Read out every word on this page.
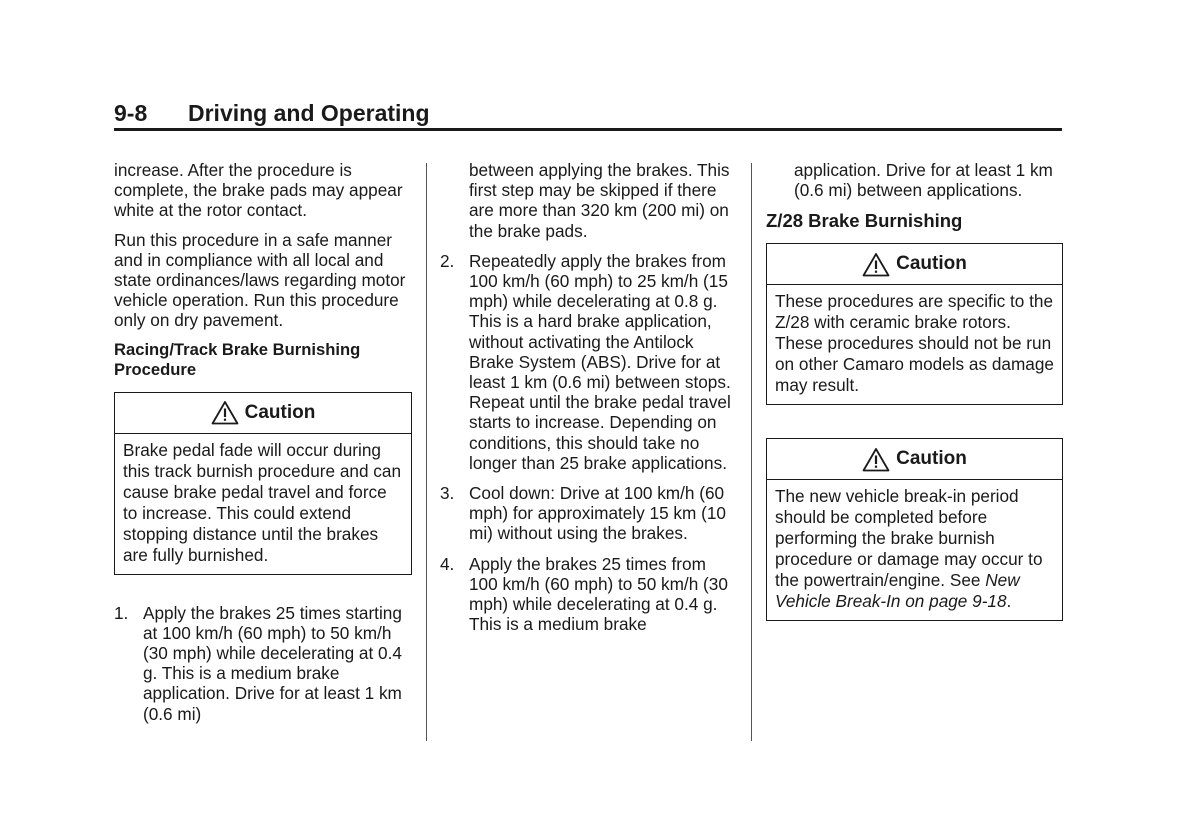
9-8 Driving and Operating

increase. After the procedure is complete, the brake pads may appear white at the rotor contact.

Run this procedure in a safe manner and in compliance with all local and state ordinances/laws regarding motor vehicle operation. Run this procedure only on dry pavement.

Racing/Track Brake Burnishing Procedure

Caution
Brake pedal fade will occur during this track burnish procedure and can cause brake pedal travel and force to increase. This could extend stopping distance until the brakes are fully burnished.
1. Apply the brakes 25 times starting at 100 km/h (60 mph) to 50 km/h (30 mph) while decelerating at 0.4 g. This is a medium brake application. Drive for at least 1 km (0.6 mi)

between applying the brakes. This first step may be skipped if there are more than 320 km (200 mi) on the brake pads.

2. Repeatedly apply the brakes from 100 km/h (60 mph) to 25 km/h (15 mph) while decelerating at 0.8 g. This is a hard brake application, without activating the Antilock Brake System (ABS). Drive for at least 1 km (0.6 mi) between stops. Repeat until the brake pedal travel starts to increase. Depending on conditions, this should take no longer than 25 brake applications.
3. Cool down: Drive at 100 km/h (60 mph) for approximately 15 km (10 mi) without using the brakes.
4. Apply the brakes 25 times from 100 km/h (60 mph) to 50 km/h (30 mph) while decelerating at 0.4 g. This is a medium brake

application. Drive for at least 1 km (0.6 mi) between applications.

Z/28 Brake Burnishing

Caution
These procedures are specific to the Z/28 with ceramic brake rotors. These procedures should not be run on other Camaro models as damage may result.
Caution
The new vehicle break-in period should be completed before performing the brake burnish procedure or damage may occur to the powertrain/engine. See New Vehicle Break-In on page 9-18.
